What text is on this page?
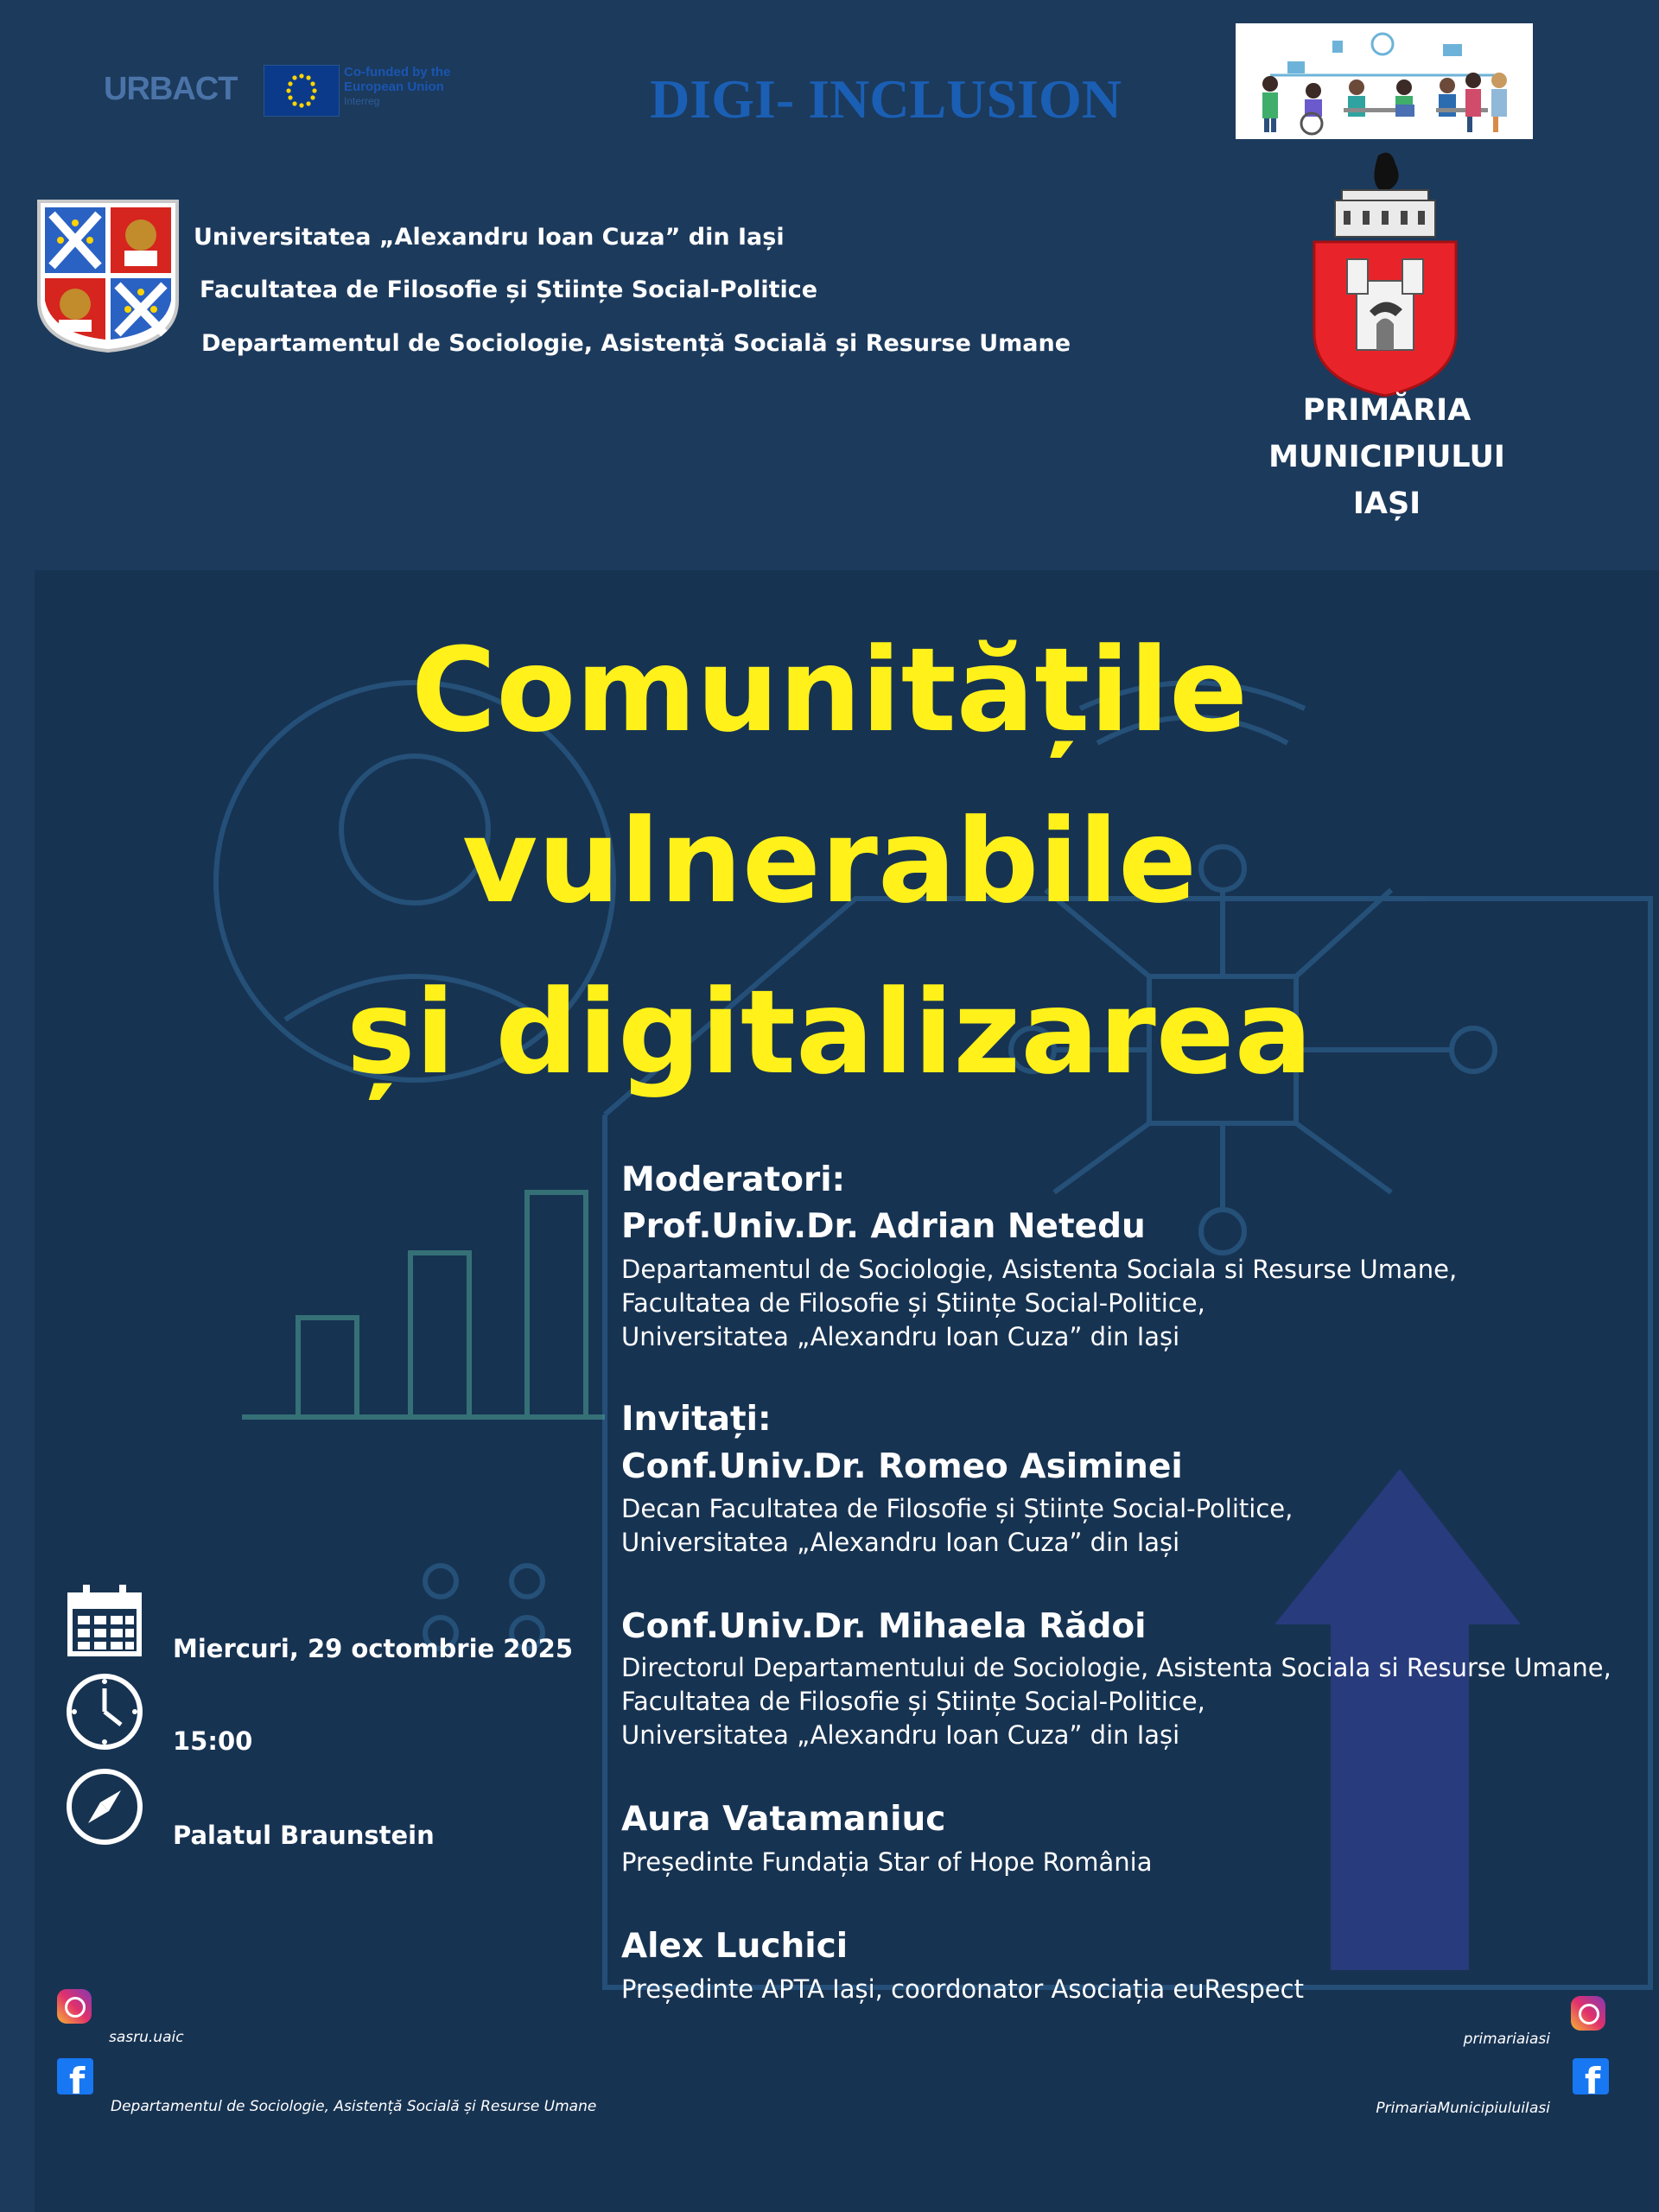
URBACT	Co-funded by the European Union
Interreg	DIGI- INCLUSION
Universitatea „Alexandru Ioan Cuza” din Iași
Facultatea de Filosofie și Științe Social-Politice
Departamentul de Sociologie, Asistență Socială și Resurse Umane
PRIMĂRIA MUNICIPIULUI
IAȘI
Comunitățile vulnerabile
și digitalizarea
Miercuri, 29 octombrie 2025
15:00
Palatul Braunstein
Moderatori:
Prof.Univ.Dr. Adrian Netedu
Departamentul de Sociologie, Asistenta Sociala si Resurse Umane,
Facultatea de Filosofie și Științe Social-Politice,
Universitatea „Alexandru Ioan Cuza” din Iași
Invitați:
Conf.Univ.Dr. Romeo Asiminei
Decan Facultatea de Filosofie și Științe Social-Politice,
Universitatea „Alexandru Ioan Cuza” din Iași
Conf.Univ.Dr. Mihaela Rădoi
Directorul Departamentului de Sociologie, Asistenta Sociala si Resurse Umane,
Facultatea de Filosofie și Științe Social-Politice,
Universitatea „Alexandru Ioan Cuza” din Iași
Aura Vatamaniuc
Președinte Fundația Star of Hope România
Alex Luchici
Președinte APTA Iași, coordonator Asociația euRespect
sasru.uaic
f
Departamentul de Sociologie, Asistență Socială și Resurse Umane
primariaiasi
f
PrimariaMunicipiuluiIasi
